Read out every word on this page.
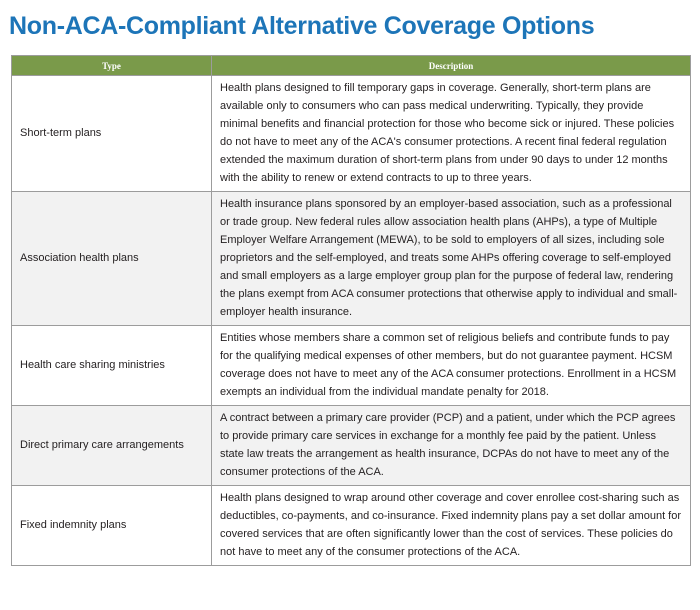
Non-ACA-Compliant Alternative Coverage Options
Type	Description
Short-term plans	Health plans designed to fill temporary gaps in coverage. Generally, short-term plans are available only to consumers who can pass medical underwriting. Typically, they provide minimal benefits and financial protection for those who become sick or injured. These policies do not have to meet any of the ACA's consumer protections. A recent final federal regulation extended the maximum duration of short-term plans from under 90 days to under 12 months with the ability to renew or extend contracts to up to three years.
Association health plans	Health insurance plans sponsored by an employer-based association, such as a professional or trade group. New federal rules allow association health plans (AHPs), a type of Multiple Employer Welfare Arrangement (MEWA), to be sold to employers of all sizes, including sole proprietors and the self-employed, and treats some AHPs offering coverage to self-employed and small employers as a large employer group plan for the purpose of federal law, rendering the plans exempt from ACA consumer protections that otherwise apply to individual and small-employer health insurance.
Health care sharing ministries	Entities whose members share a common set of religious beliefs and contribute funds to pay for the qualifying medical expenses of other members, but do not guarantee payment. HCSM coverage does not have to meet any of the ACA consumer protections. Enrollment in a HCSM exempts an individual from the individual mandate penalty for 2018.
Direct primary care arrangements	A contract between a primary care provider (PCP) and a patient, under which the PCP agrees to provide primary care services in exchange for a monthly fee paid by the patient. Unless state law treats the arrangement as health insurance, DCPAs do not have to meet any of the consumer protections of the ACA.
Fixed indemnity plans	Health plans designed to wrap around other coverage and cover enrollee cost-sharing such as deductibles, co-payments, and co-insurance. Fixed indemnity plans pay a set dollar amount for covered services that are often significantly lower than the cost of services. These policies do not have to meet any of the consumer protections of the ACA.
